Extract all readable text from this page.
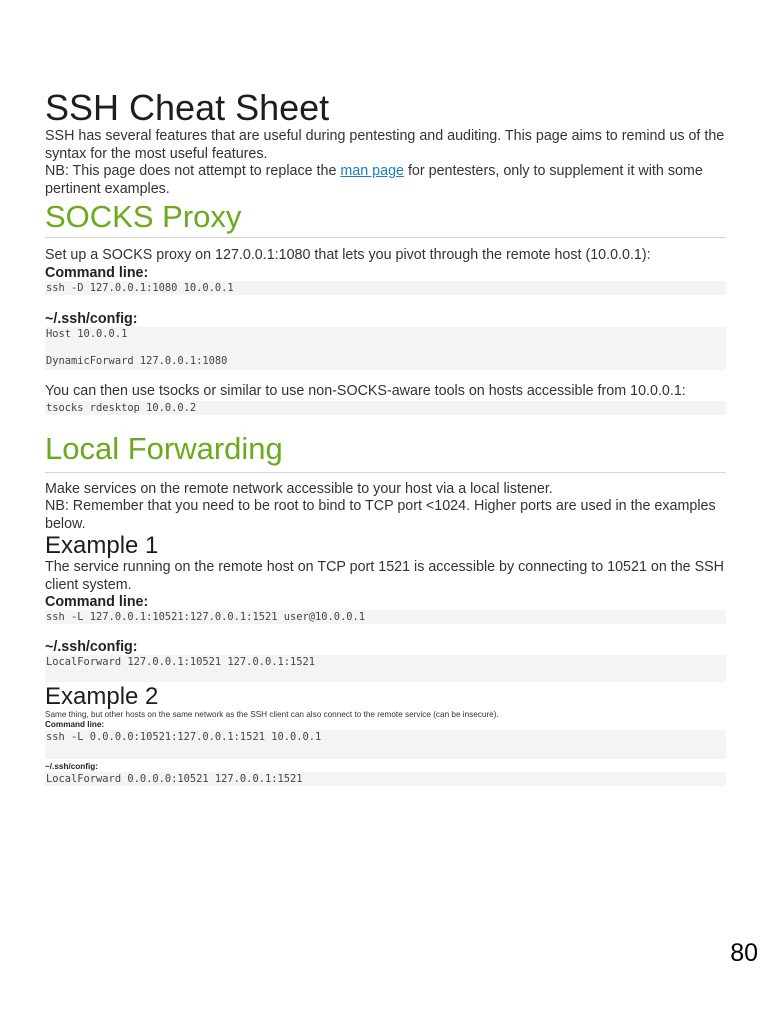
SSH Cheat Sheet

SSH has several features that are useful during pentesting and auditing. This page aims to remind us of the syntax for the most useful features.

NB: This page does not attempt to replace the man page for pentesters, only to supplement it with some pertinent examples.

SOCKS Proxy

Set up a SOCKS proxy on 127.0.0.1:1080 that lets you pivot through the remote host (10.0.0.1):

Command line:

ssh -D 127.0.0.1:1080 10.0.0.1

~/.ssh/config:

Host 10.0.0.1

DynamicForward 127.0.0.1:1080

You can then use tsocks or similar to use non-SOCKS-aware tools on hosts accessible from 10.0.0.1:

tsocks rdesktop 10.0.0.2
Local Forwarding

Make services on the remote network accessible to your host via a local listener.

NB: Remember that you need to be root to bind to TCP port <1024. Higher ports are used in the examples below.

Example 1

The service running on the remote host on TCP port 1521 is accessible by connecting to 10521 on the SSH client system.

Command line:

ssh -L 127.0.0.1:10521:127.0.0.1:1521 user@10.0.0.1

~/.ssh/config:

LocalForward 127.0.0.1:10521 127.0.0.1:1521
Example 2

Same thing, but other hosts on the same network as the SSH client can also connect to the remote service (can be insecure).

Command line:

ssh -L 0.0.0.0:10521:127.0.0.1:1521 10.0.0.1

~/.ssh/config:

LocalForward 0.0.0.0:10521 127.0.0.1:1521
80
